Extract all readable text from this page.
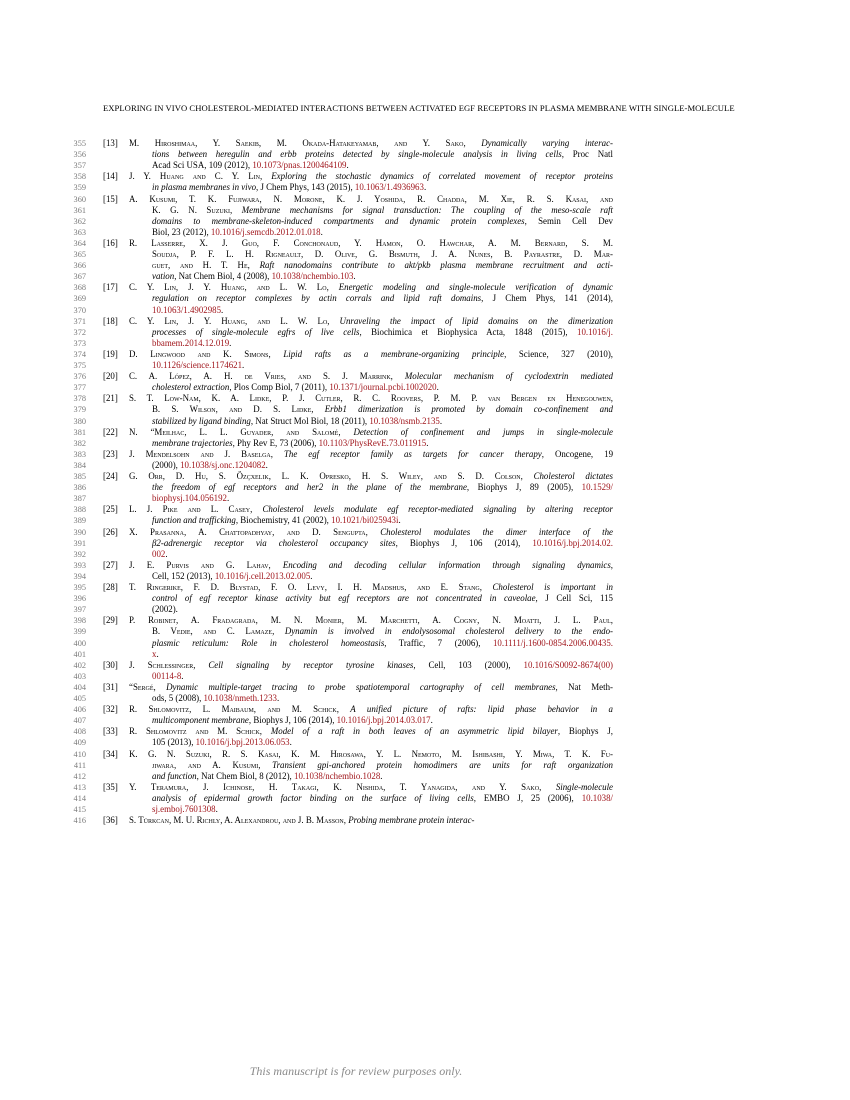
EXPLORING IN VIVO CHOLESTEROL-MEDIATED INTERACTIONS BETWEEN ACTIVATED EGF RECEPTORS IN PLASMA MEMBRANE WITH SINGLE-MOLECULE
355 [13] M. Hiroshimaa, Y. Saekib, M. Okada-Hatakeyamab, and Y. Sako, Dynamically varying interac-
356	tions between heregulin and erbb proteins detected by single-molecule analysis in living cells, Proc Natl
357	Acad Sci USA, 109 (2012), 10.1073/pnas.1200464109.
358 [14] J. Y. Huang and C. Y. Lin, Exploring the stochastic dynamics of correlated movement of receptor proteins
359	in plasma membranes in vivo, J Chem Phys, 143 (2015), 10.1063/1.4936963.
360 [15] A. Kusumi, T. K. Fujiwara, N. Morone, K. J. Yoshida, R. Chadda, M. Xie, R. S. Kasai, and
361	K. G. N. Suzuki, Membrane mechanisms for signal transduction: The coupling of the meso-scale raft
362	domains to membrane-skeleton-induced compartments and dynamic protein complexes, Semin Cell Dev
363	Biol, 23 (2012), 10.1016/j.semcdb.2012.01.018.
364 [16] R. Lasserre, X. J. Guo, F. Conchonaud, Y. Hamon, O. Hawchar, A. M. Bernard, S. M.
365	Soudja, P. F. L. H. Rigneault, D. Olive, G. Bismuth, J. A. Nunes, B. Payrastre, D. Mar-
366	guet, and H. T. He, Raft nanodomains contribute to akt/pkb plasma membrane recruitment and acti-
367	vation, Nat Chem Biol, 4 (2008), 10.1038/nchembio.103.
368 [17] C. Y. Lin, J. Y. Huang, and L. W. Lo, Energetic modeling and single-molecule verification of dynamic
369	regulation on receptor complexes by actin corrals and lipid raft domains, J Chem Phys, 141 (2014),
370	10.1063/1.4902985.
371 [18] C. Y. Lin, J. Y. Huang, and L. W. Lo, Unraveling the impact of lipid domains on the dimerization
372	processes of single-molecule egfrs of live cells, Biochimica et Biophysica Acta, 1848 (2015), 10.1016/j.
373	bbamem.2014.12.019.
374 [19] D. Lingwood and K. Simons, Lipid rafts as a membrane-organizing principle, Science, 327 (2010),
375	10.1126/science.1174621.
376 [20] C. A. López, A. H. de Vries, and S. J. Marrink, Molecular mechanism of cyclodextrin mediated
377	cholesterol extraction, Plos Comp Biol, 7 (2011), 10.1371/journal.pcbi.1002020.
378 [21] S. T. Low-Nam, K. A. Lidke, P. J. Cutler, R. C. Roovers, P. M. P. van Bergen en Henegouwen,
379	B. S. Wilson, and D. S. Lidke, Erbb1 dimerization is promoted by domain co-confinement and
380	stabilized by ligand binding, Nat Struct Mol Biol, 18 (2011), 10.1038/nsmb.2135.
381 [22] N. “Meilhac, L. L. Guyader, and Salomé, Detection of confinement and jumps in single-molecule
382	membrane trajectories, Phy Rev E, 73 (2006), 10.1103/PhysRevE.73.011915.
383 [23] J. Mendelsohn and J. Baselga, The egf receptor family as targets for cancer therapy, Oncogene, 19
384	(2000), 10.1038/sj.onc.1204082.
385 [24] G. Orr, D. Hu, S. Özçxelik, L. K. Opresko, H. S. Wiley, and S. D. Colson, Cholesterol dictates
386	the freedom of egf receptors and her2 in the plane of the membrane, Biophys J, 89 (2005), 10.1529/
387	biophysj.104.056192.
388 [25] L. J. Pike and L. Casey, Cholesterol levels modulate egf receptor-mediated signaling by altering receptor
389	function and trafficking, Biochemistry, 41 (2002), 10.1021/bi025943i.
390 [26] X. Prasanna, A. Chattopadhyay, and D. Sengupta, Cholesterol modulates the dimer interface of the
391	β2-adrenergic receptor via cholesterol occupancy sites, Biophys J, 106 (2014), 10.1016/j.bpj.2014.02.
392	002.
393 [27] J. E. Purvis and G. Lahav, Encoding and decoding cellular information through signaling dynamics,
394	Cell, 152 (2013), 10.1016/j.cell.2013.02.005.
395 [28] T. Ringerike, F. D. Blystad, F. O. Levy, I. H. Madshus, and E. Stang, Cholesterol is important in
396	control of egf receptor kinase activity but egf receptors are not concentrated in caveolae, J Cell Sci, 115
397	(2002).
398 [29] P. Robinet, A. Fradagrada, M. N. Monier, M. Marchetti, A. Cogny, N. Moatti, J. L. Paul,
399	B. Vedie, and C. Lamaze, Dynamin is involved in endolysosomal cholesterol delivery to the endo-
400	plasmic reticulum: Role in cholesterol homeostasis, Traffic, 7 (2006), 10.1111/j.1600-0854.2006.00435.
401	x.
402 [30] J. Schlessinger, Cell signaling by receptor tyrosine kinases, Cell, 103 (2000), 10.1016/S0092-8674(00)
403	00114-8.
404 [31] “Sergé, Dynamic multiple-target tracing to probe spatiotemporal cartography of cell membranes, Nat Meth-
405	ods, 5 (2008), 10.1038/nmeth.1233.
406 [32] R. Shlomovitz, L. Maibaum, and M. Schick, A unified picture of rafts: lipid phase behavior in a
407	multicomponent membrane, Biophys J, 106 (2014), 10.1016/j.bpj.2014.03.017.
408 [33] R. Shlomovitz and M. Schick, Model of a raft in both leaves of an asymmetric lipid bilayer, Biophys J,
409	105 (2013), 10.1016/j.bpj.2013.06.053.
410 [34] K. G. N. Suzuki, R. S. Kasai, K. M. Hirosawa, Y. L. Nemoto, M. Ishibashi, Y. Miwa, T. K. Fu-
411	jiwara, and A. Kusumi, Transient gpi-anchored protein homodimers are units for raft organization
412	and function, Nat Chem Biol, 8 (2012), 10.1038/nchembio.1028.
413 [35] Y. Teramura, J. Ichinose, H. Takagi, K. Nishida, T. Yanagida, and Y. Sako, Single-molecule
414	analysis of epidermal growth factor binding on the surface of living cells, EMBO J, 25 (2006), 10.1038/
415	sj.emboj.7601308.
416 [36] S. Türkcan, M. U. Richly, A. Alexandrou, and J. B. Masson, Probing membrane protein interac-
This manuscript is for review purposes only.
